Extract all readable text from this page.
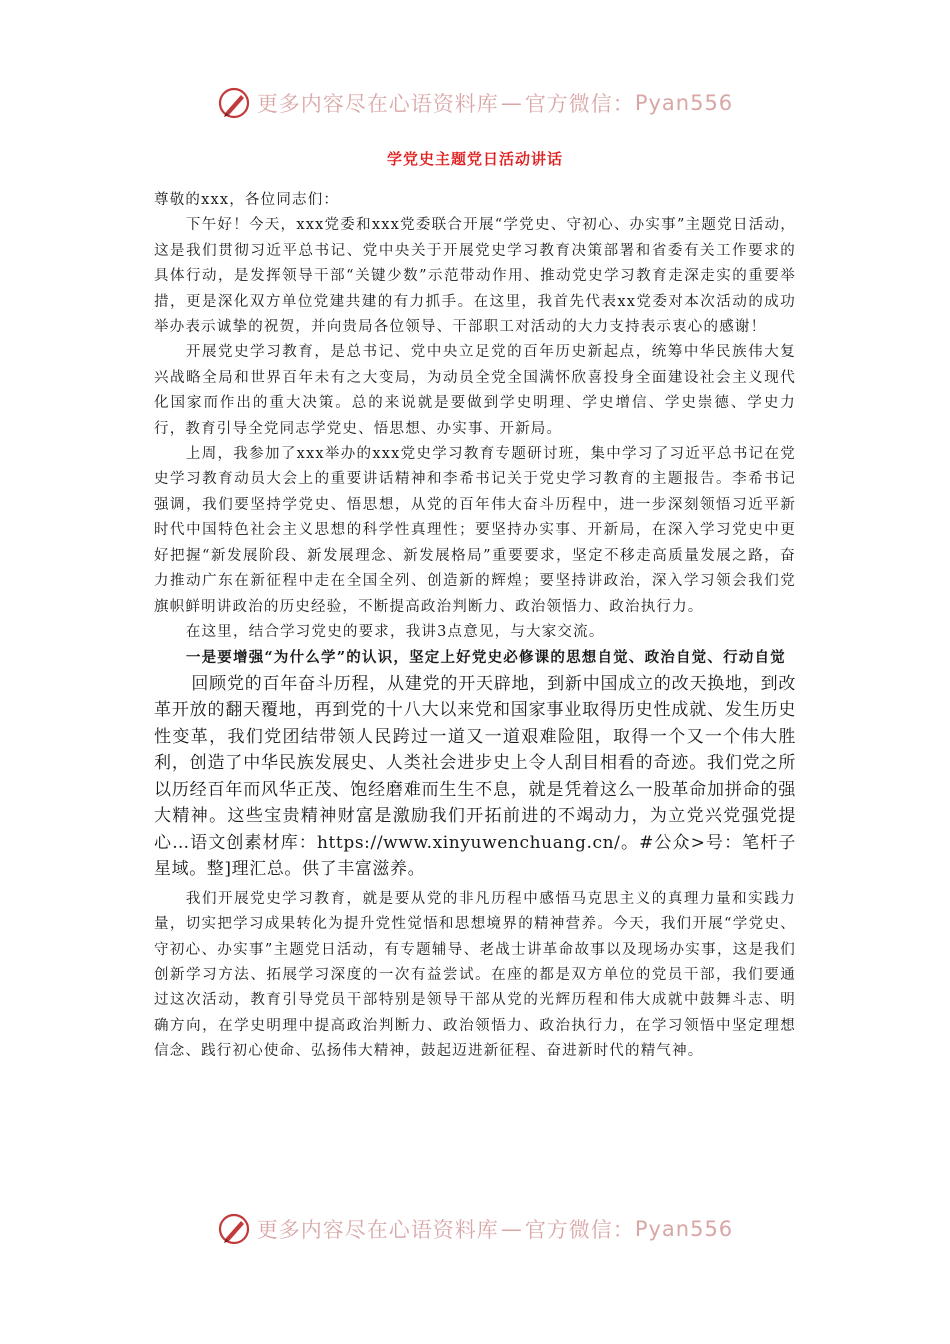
更多内容尽在心语资料库 — 官方微信： Pyan556
学党史主题党日活动讲话

尊敬的xxx，各位同志们：

下午好！今天，xxx党委和xxx党委联合开展“学党史、守初心、办实事”主题党日活动，这是我们贯彻习近平总书记、党中央关于开展党史学习教育决策部署和省委有关工作要求的具体行动，是发挥领导干部“关键少数”示范带动作用、推动党史学习教育走深走实的重要举措，更是深化双方单位党建共建的有力抓手。在这里，我首先代表xx党委对本次活动的成功举办表示诚挚的祝贺，并向贵局各位领导、干部职工对活动的大力支持表示衷心的感谢！

开展党史学习教育，是总书记、党中央立足党的百年历史新起点，统筹中华民族伟大复兴战略全局和世界百年未有之大变局，为动员全党全国满怀欣喜投身全面建设社会主义现代化国家而作出的重大决策。总的来说就是要做到学史明理、学史增信、学史崇德、学史力行，教育引导全党同志学党史、悟思想、办实事、开新局。

上周，我参加了xxx举办的xxx党史学习教育专题研讨班，集中学习了习近平总书记在党史学习教育动员大会上的重要讲话精神和李希书记关于党史学习教育的主题报告。李希书记强调，我们要坚持学党史、悟思想，从党的百年伟大奋斗历程中，进一步深刻领悟习近平新时代中国特色社会主义思想的科学性真理性；要坚持办实事、开新局，在深入学习党史中更好把握“新发展阶段、新发展理念、新发展格局”重要要求，坚定不移走高质量发展之路，奋力推动广东在新征程中走在全国全列、创造新的辉煌；要坚持讲政治，深入学习领会我们党旗帜鲜明讲政治的历史经验，不断提高政治判断力、政治领悟力、政治执行力。

在这里，结合学习党史的要求，我讲3点意见，与大家交流。

一是要增强“为什么学”的认识，坚定上好党史必修课的思想自觉、政治自觉、行动自觉

回顾党的百年奋斗历程，从建党的开天辟地，到新中国成立的改天换地，到改革开放的翻天覆地，再到党的十八大以来党和国家事业取得历史性成就、发生历史性变革，我们党团结带领人民跨过一道又一道艰难险阻，取得一个又一个伟大胜利，创造了中华民族发展史、人类社会进步史上令人刮目相看的奇迹。我们党之所以历经百年而风华正茂、饱经磨难而生生不息，就是凭着这么一股革命加拼命的强大精神。这些宝贵精神财富是激励我们开拓前进的不竭动力，为立党兴党强党提心…语文创素材库：https://www.xinyuwenchuang.cn/。#公众>号：笔杆子星域。整]理汇总。供了丰富滋养。

我们开展党史学习教育，就是要从党的非凡历程中感悟马克思主义的真理力量和实践力量，切实把学习成果转化为提升党性觉悟和思想境界的精神营养。今天，我们开展“学党史、守初心、办实事”主题党日活动，有专题辅导、老战士讲革命故事以及现场办实事，这是我们创新学习方法、拓展学习深度的一次有益尝试。在座的都是双方单位的党员干部，我们要通过这次活动，教育引导党员干部特别是领导干部从党的光辉历程和伟大成就中鼓舞斗志、明确方向，在学史明理中提高政治判断力、政治领悟力、政治执行力，在学习领悟中坚定理想信念、践行初心使命、弘扬伟大精神，鼓起迈进新征程、奋进新时代的精气神。

更多内容尽在心语资料库 — 官方微信： Pyan556
